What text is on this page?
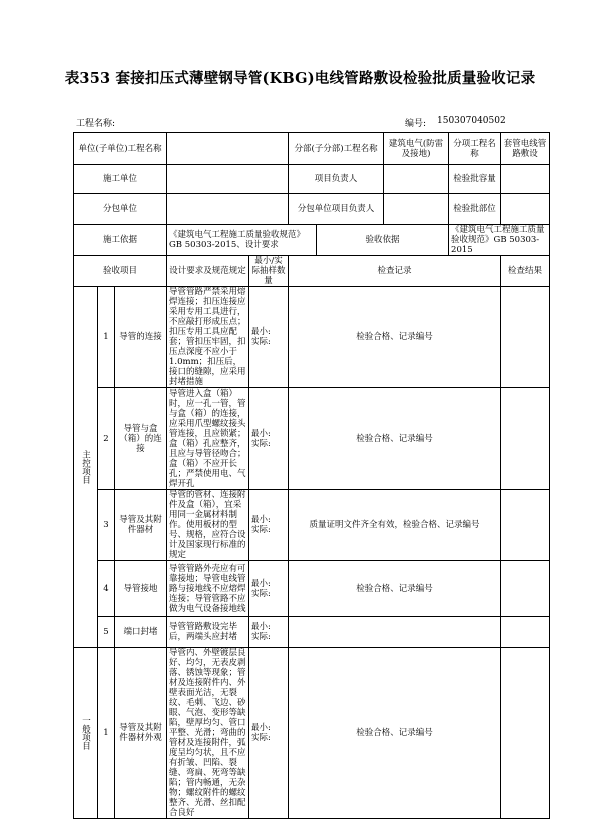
表353 套接扣压式薄壁钢导管(KBG)电线管路敷设检验批质量验收记录
工程名称:	编号: 150307040502
单位(子单位)工程名称					分部(子分部)工程名称		建筑电气(防雷及接地)	分项工程名称	套管电线管路敷设
施工单位					项目负责人			检验批容量	
分包单位					分包单位项目负责人			检验批部位	
施工依据			《建筑电气工程施工质量验收规范》GB 50303-2015、设计要求			验收依据		《建筑电气工程施工质量验收规范》GB 50303-2015	
验收项目			设计要求及规范规定	最小/实际抽样数量	检查记录				检查结果
主控项目	1	导管的连接	导管管路严禁采用熔焊连接；扣压连接应采用专用工具进行，不应敲打形成压点；扣压专用工具应配套；管扣压牢固，扣压点深度不应小于1.0mm；扣压后，接口的缝隙，应采用封堵措施	最小:
实际:	检验合格、记录编号				
	2	导管与盒（箱）的连接	导管进入盒（箱）时，应一孔一管，管与盒（箱）的连接，应采用爪型螺纹接头管连接，且应锁紧；盒（箱）孔应整齐，且应与导管径吻合；盒（箱）不应开长孔；严禁使用电、气焊开孔	最小:
实际:	检验合格、记录编号				
	3	导管及其附件器材	导管的管材、连接附件及盒（箱），宜采用同一金属材料制作。使用板材的型号、规格，应符合设计及国家现行标准的规定	最小:
实际:	质量证明文件齐全有效，检验合格、记录编号				
	4	导管接地	导管管路外壳应有可靠接地；导管电线管路与接地线不应熔焊连接；导管管路不应做为电气设备接地线	最小:
实际:	检验合格、记录编号				
	5	端口封堵	导管管路敷设完毕后，两端头应封堵	最小:
实际:					

一般项目	1	导管及其附件器材外观	导管内、外壁镀层良好、均匀，无表皮剥落、锈蚀等现象；管材及连接附件内、外壁表面光洁，无裂纹、毛刺、飞边、砂眼、气泡、变形等缺陷，壁厚均匀、管口平整、光滑；弯曲的管材及连接附件，弧度呈均匀状，且不应有折皱、凹陷、裂缝、弯扁、死弯等缺陷；管内畅通，无杂物；螺纹附件的螺纹整齐、光滑、丝扣配合良好	最小:
实际:	检验合格、记录编号				
